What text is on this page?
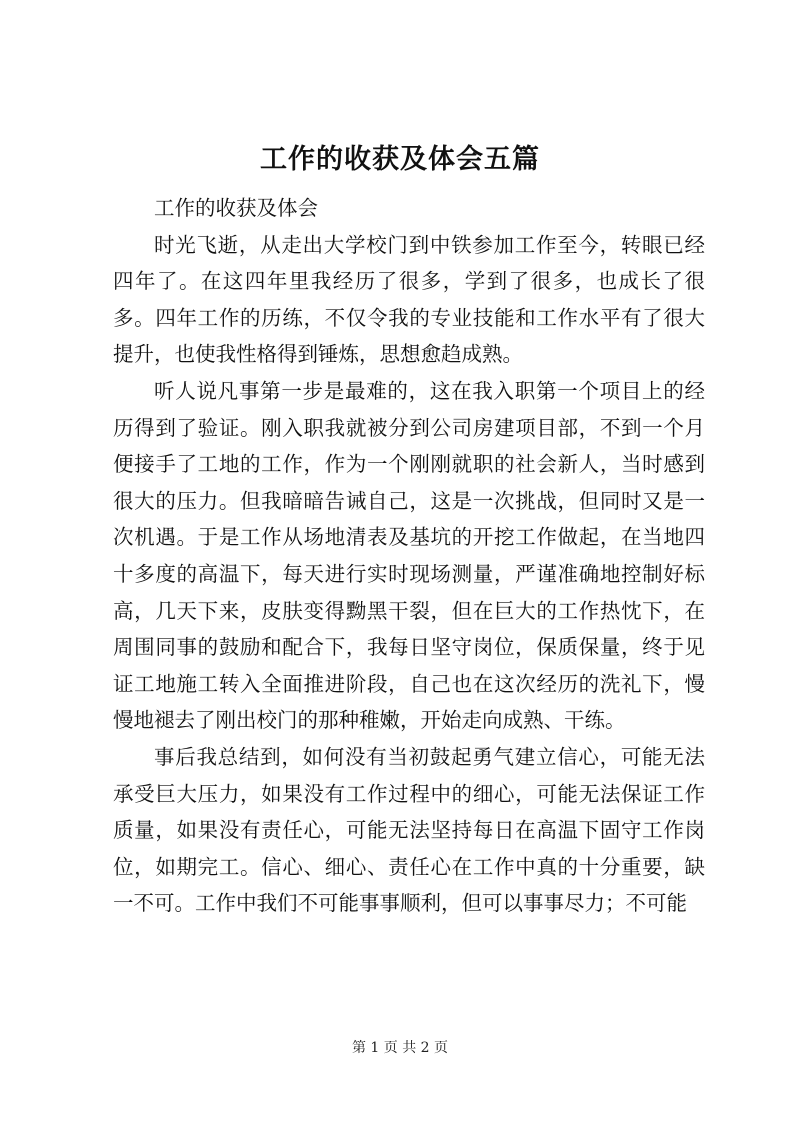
工作的收获及体会五篇

工作的收获及体会

时光飞逝，从走出大学校门到中铁参加工作至今，转眼已经四年了。在这四年里我经历了很多，学到了很多，也成长了很多。四年工作的历练，不仅令我的专业技能和工作水平有了很大提升，也使我性格得到锤炼，思想愈趋成熟。

听人说凡事第一步是最难的，这在我入职第一个项目上的经历得到了验证。刚入职我就被分到公司房建项目部，不到一个月便接手了工地的工作，作为一个刚刚就职的社会新人，当时感到很大的压力。但我暗暗告诫自己，这是一次挑战，但同时又是一次机遇。于是工作从场地清表及基坑的开挖工作做起，在当地四十多度的高温下，每天进行实时现场测量，严谨准确地控制好标高，几天下来，皮肤变得黝黑干裂，但在巨大的工作热忱下，在周围同事的鼓励和配合下，我每日坚守岗位，保质保量，终于见证工地施工转入全面推进阶段，自己也在这次经历的洗礼下，慢慢地褪去了刚出校门的那种稚嫩，开始走向成熟、干练。

事后我总结到，如何没有当初鼓起勇气建立信心，可能无法承受巨大压力，如果没有工作过程中的细心，可能无法保证工作质量，如果没有责任心，可能无法坚持每日在高温下固守工作岗位，如期完工。信心、细心、责任心在工作中真的十分重要，缺一不可。工作中我们不可能事事顺利，但可以事事尽力；不可能

第 1 页 共 2 页
